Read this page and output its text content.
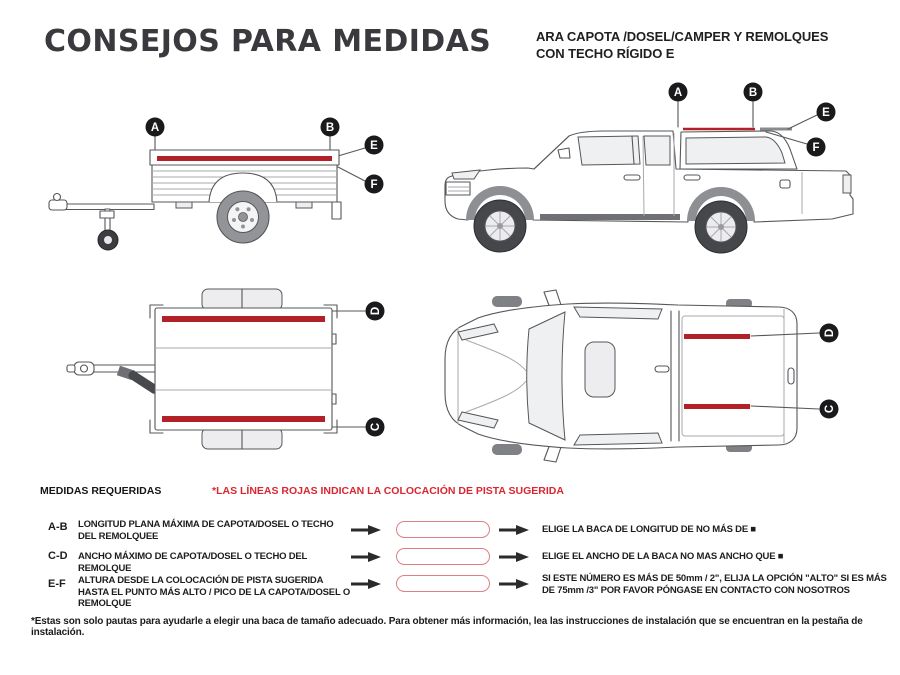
CONSEJOS PARA MEDIDAS	ARA CAPOTA /DOSEL/CAMPER Y REMOLQUES
CON TECHO RÍGIDO E
A	B
E
F
A	B
E
F
D
C
D
C
MEDIDAS REQUERIDAS	*LAS LÍNEAS ROJAS INDICAN LA COLOCACIÓN DE PISTA SUGERIDA
A-B LONGITUD PLANA MÁXIMA DE CAPOTA/DOSEL O TECHO DEL REMOLQUEE
ELIGE LA BACA DE LONGITUD DE NO MÁS DE ■
C-D ANCHO MÁXIMO DE CAPOTA/DOSEL O TECHO DEL REMOLQUE
ELIGE EL ANCHO DE LA BACA NO MAS ANCHO QUE ■
E-F ALTURA DESDE LA COLOCACIÓN DE PISTA SUGERIDA HASTA EL PUNTO MÁS ALTO / PICO DE LA CAPOTA/DOSEL O REMOLQUE
SI ESTE NÚMERO ES MÁS DE 50mm / 2", ELIJA LA OPCIÓN "ALTO" SI ES MÁS DE 75mm /3" POR FAVOR PÓNGASE EN CONTACTO CON NOSOTROS
*Estas son solo pautas para ayudarle a elegir una baca de tamaño adecuado. Para obtener más información, lea las instrucciones de instalación que se encuentran en la pestaña de instalación.
